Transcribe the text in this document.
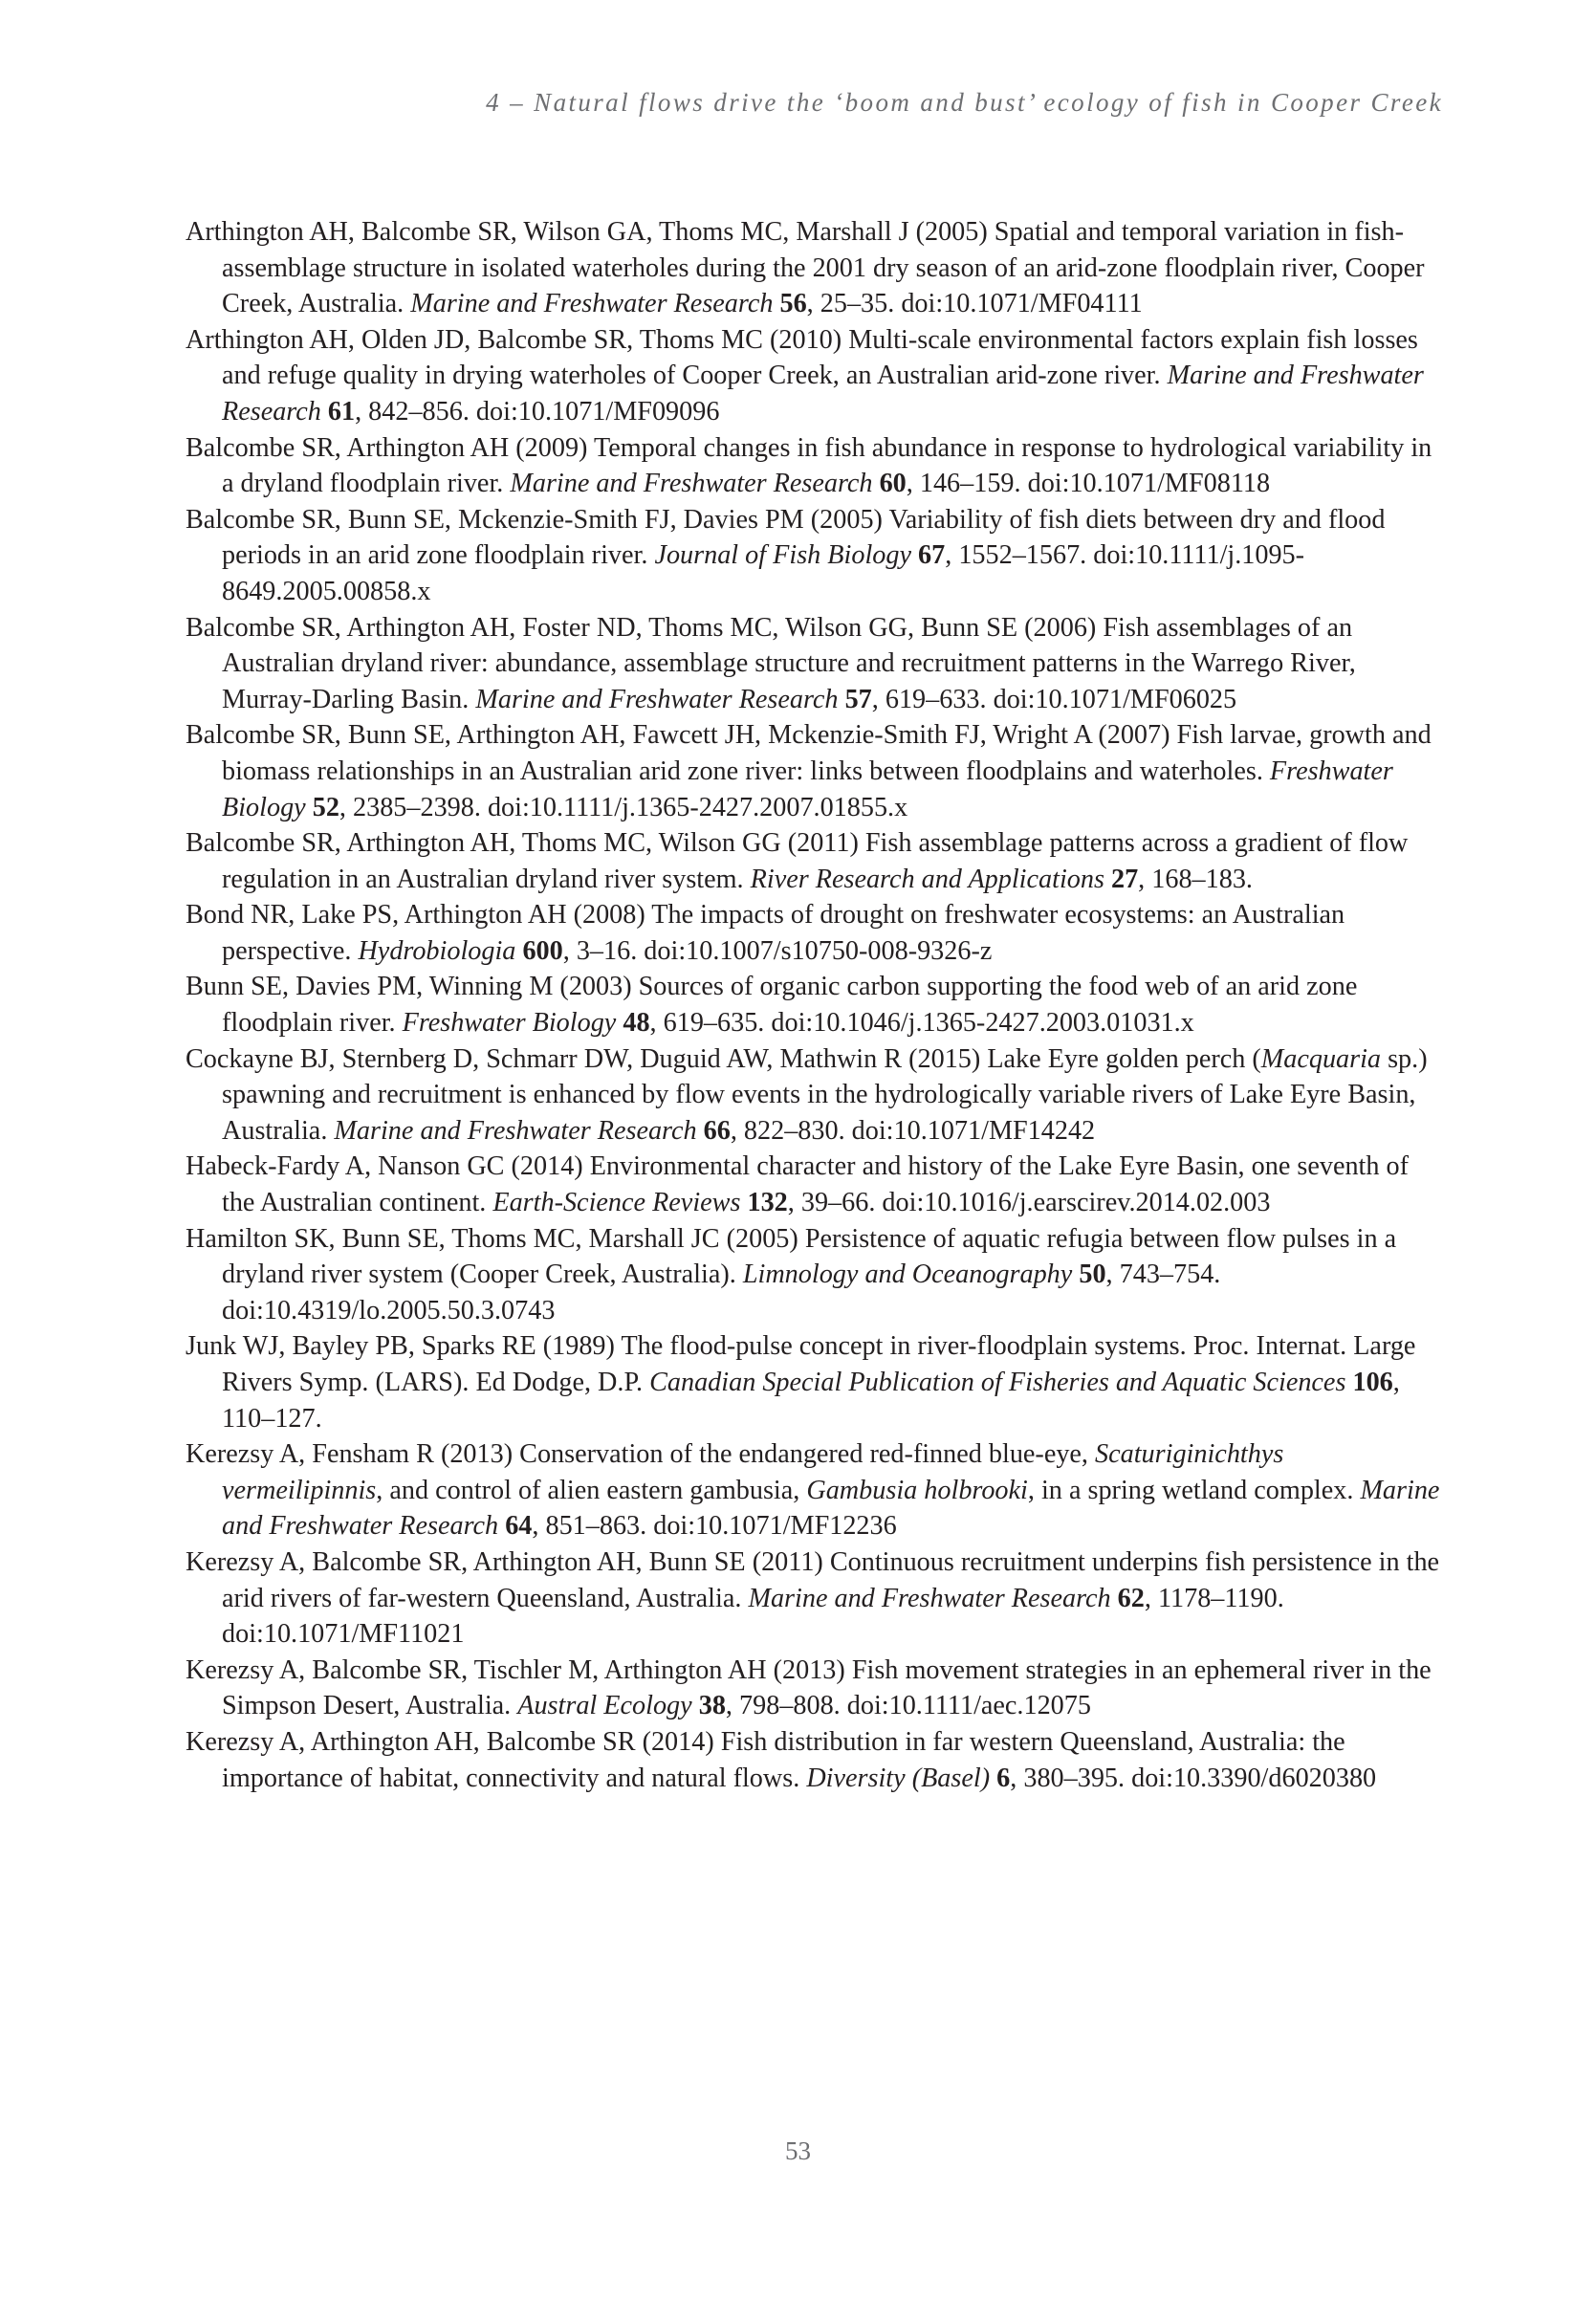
4 – Natural flows drive the ‘boom and bust’ ecology of fish in Cooper Creek

Arthington AH, Balcombe SR, Wilson GA, Thoms MC, Marshall J (2005) Spatial and temporal variation in fish-assemblage structure in isolated waterholes during the 2001 dry season of an arid-zone floodplain river, Cooper Creek, Australia. Marine and Freshwater Research 56, 25–35. doi:10.1071/MF04111

Arthington AH, Olden JD, Balcombe SR, Thoms MC (2010) Multi-scale environmental factors explain fish losses and refuge quality in drying waterholes of Cooper Creek, an Australian arid-zone river. Marine and Freshwater Research 61, 842–856. doi:10.1071/MF09096

Balcombe SR, Arthington AH (2009) Temporal changes in fish abundance in response to hydrological variability in a dryland floodplain river. Marine and Freshwater Research 60, 146–159. doi:10.1071/MF08118

Balcombe SR, Bunn SE, Mckenzie-Smith FJ, Davies PM (2005) Variability of fish diets between dry and flood periods in an arid zone floodplain river. Journal of Fish Biology 67, 1552–1567. doi:10.1111/j.1095-8649.2005.00858.x

Balcombe SR, Arthington AH, Foster ND, Thoms MC, Wilson GG, Bunn SE (2006) Fish assemblages of an Australian dryland river: abundance, assemblage structure and recruitment patterns in the Warrego River, Murray-Darling Basin. Marine and Freshwater Research 57, 619–633. doi:10.1071/MF06025

Balcombe SR, Bunn SE, Arthington AH, Fawcett JH, Mckenzie-Smith FJ, Wright A (2007) Fish larvae, growth and biomass relationships in an Australian arid zone river: links between floodplains and waterholes. Freshwater Biology 52, 2385–2398. doi:10.1111/j.1365-2427.2007.01855.x

Balcombe SR, Arthington AH, Thoms MC, Wilson GG (2011) Fish assemblage patterns across a gradient of flow regulation in an Australian dryland river system. River Research and Applications 27, 168–183.

Bond NR, Lake PS, Arthington AH (2008) The impacts of drought on freshwater ecosystems: an Australian perspective. Hydrobiologia 600, 3–16. doi:10.1007/s10750-008-9326-z

Bunn SE, Davies PM, Winning M (2003) Sources of organic carbon supporting the food web of an arid zone floodplain river. Freshwater Biology 48, 619–635. doi:10.1046/j.1365-2427.2003.01031.x

Cockayne BJ, Sternberg D, Schmarr DW, Duguid AW, Mathwin R (2015) Lake Eyre golden perch (Macquaria sp.) spawning and recruitment is enhanced by flow events in the hydrologically variable rivers of Lake Eyre Basin, Australia. Marine and Freshwater Research 66, 822–830. doi:10.1071/MF14242

Habeck-Fardy A, Nanson GC (2014) Environmental character and history of the Lake Eyre Basin, one seventh of the Australian continent. Earth-Science Reviews 132, 39–66. doi:10.1016/j.earscirev.2014.02.003

Hamilton SK, Bunn SE, Thoms MC, Marshall JC (2005) Persistence of aquatic refugia between flow pulses in a dryland river system (Cooper Creek, Australia). Limnology and Oceanography 50, 743–754. doi:10.4319/lo.2005.50.3.0743

Junk WJ, Bayley PB, Sparks RE (1989) The flood-pulse concept in river-floodplain systems. Proc. Internat. Large Rivers Symp. (LARS). Ed Dodge, D.P. Canadian Special Publication of Fisheries and Aquatic Sciences 106, 110–127.

Kerezsy A, Fensham R (2013) Conservation of the endangered red-finned blue-eye, Scaturiginichthys vermeilipinnis, and control of alien eastern gambusia, Gambusia holbrooki, in a spring wetland complex. Marine and Freshwater Research 64, 851–863. doi:10.1071/MF12236

Kerezsy A, Balcombe SR, Arthington AH, Bunn SE (2011) Continuous recruitment underpins fish persistence in the arid rivers of far-western Queensland, Australia. Marine and Freshwater Research 62, 1178–1190. doi:10.1071/MF11021

Kerezsy A, Balcombe SR, Tischler M, Arthington AH (2013) Fish movement strategies in an ephemeral river in the Simpson Desert, Australia. Austral Ecology 38, 798–808. doi:10.1111/aec.12075

Kerezsy A, Arthington AH, Balcombe SR (2014) Fish distribution in far western Queensland, Australia: the importance of habitat, connectivity and natural flows. Diversity (Basel) 6, 380–395. doi:10.3390/d6020380

53
